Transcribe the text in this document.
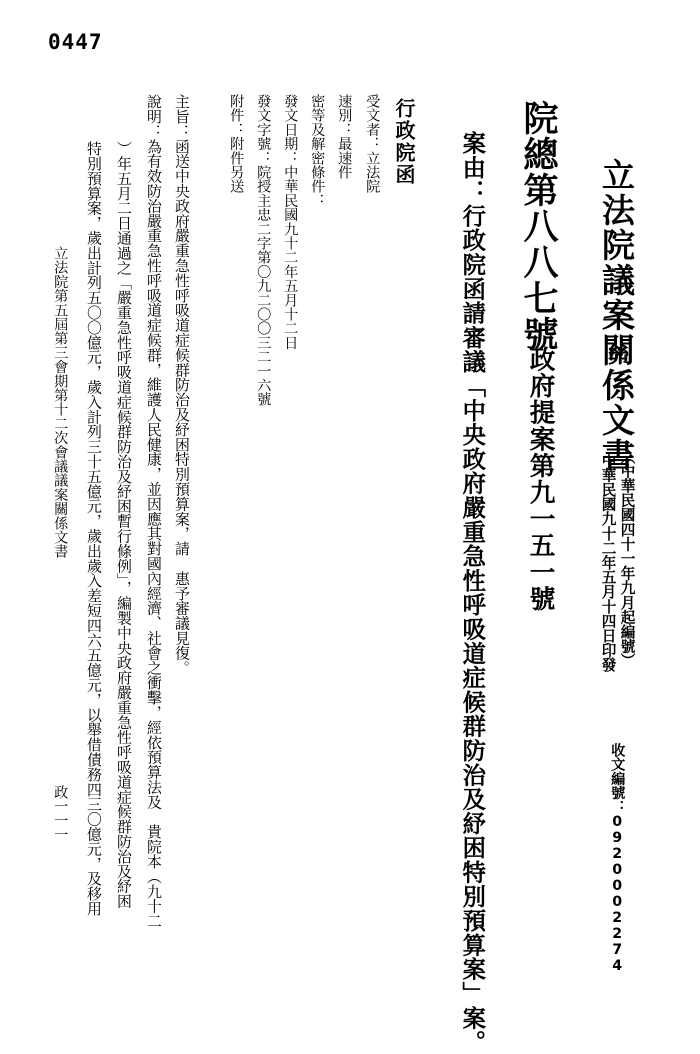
0447
立法院議案關係文書
（中華民國四十一年九月起編號）
中華民國九十二年五月十四日印發
收文編號：0920002274
院總第八八七號
政府提案第九一五一號
案由：行政院函請審議「中央政府嚴重急性呼吸道症候群防治及紓困特別預算案」案。
行政院函
受文者：立法院
速別：最速件
密等及解密條件：
發文日期：中華民國九十二年五月十二日
發文字號：院授主忠二字第〇九二〇〇三二一六號
附件：附件另送
主旨：函送中央政府嚴重急性呼吸道症候群防治及紓困特別預算案，請　惠予審議見復。
說明：為有效防治嚴重急性呼吸道症候群，維護人民健康，並因應其對國內經濟、社會之衝擊，經依預算法及　貴院本（九十二
）年五月二日通過之「嚴重急性呼吸道症候群防治及紓困暫行條例」，編製中央政府嚴重急性呼吸道症候群防治及紓困
特別預算案，歲出計列五〇〇億元，歲入計列三十五億元，歲出歲入差短四六五億元，以舉借債務四三〇億元，及移用
立法院第五屆第三會期第十二次會議議案關係文書
政一一一
